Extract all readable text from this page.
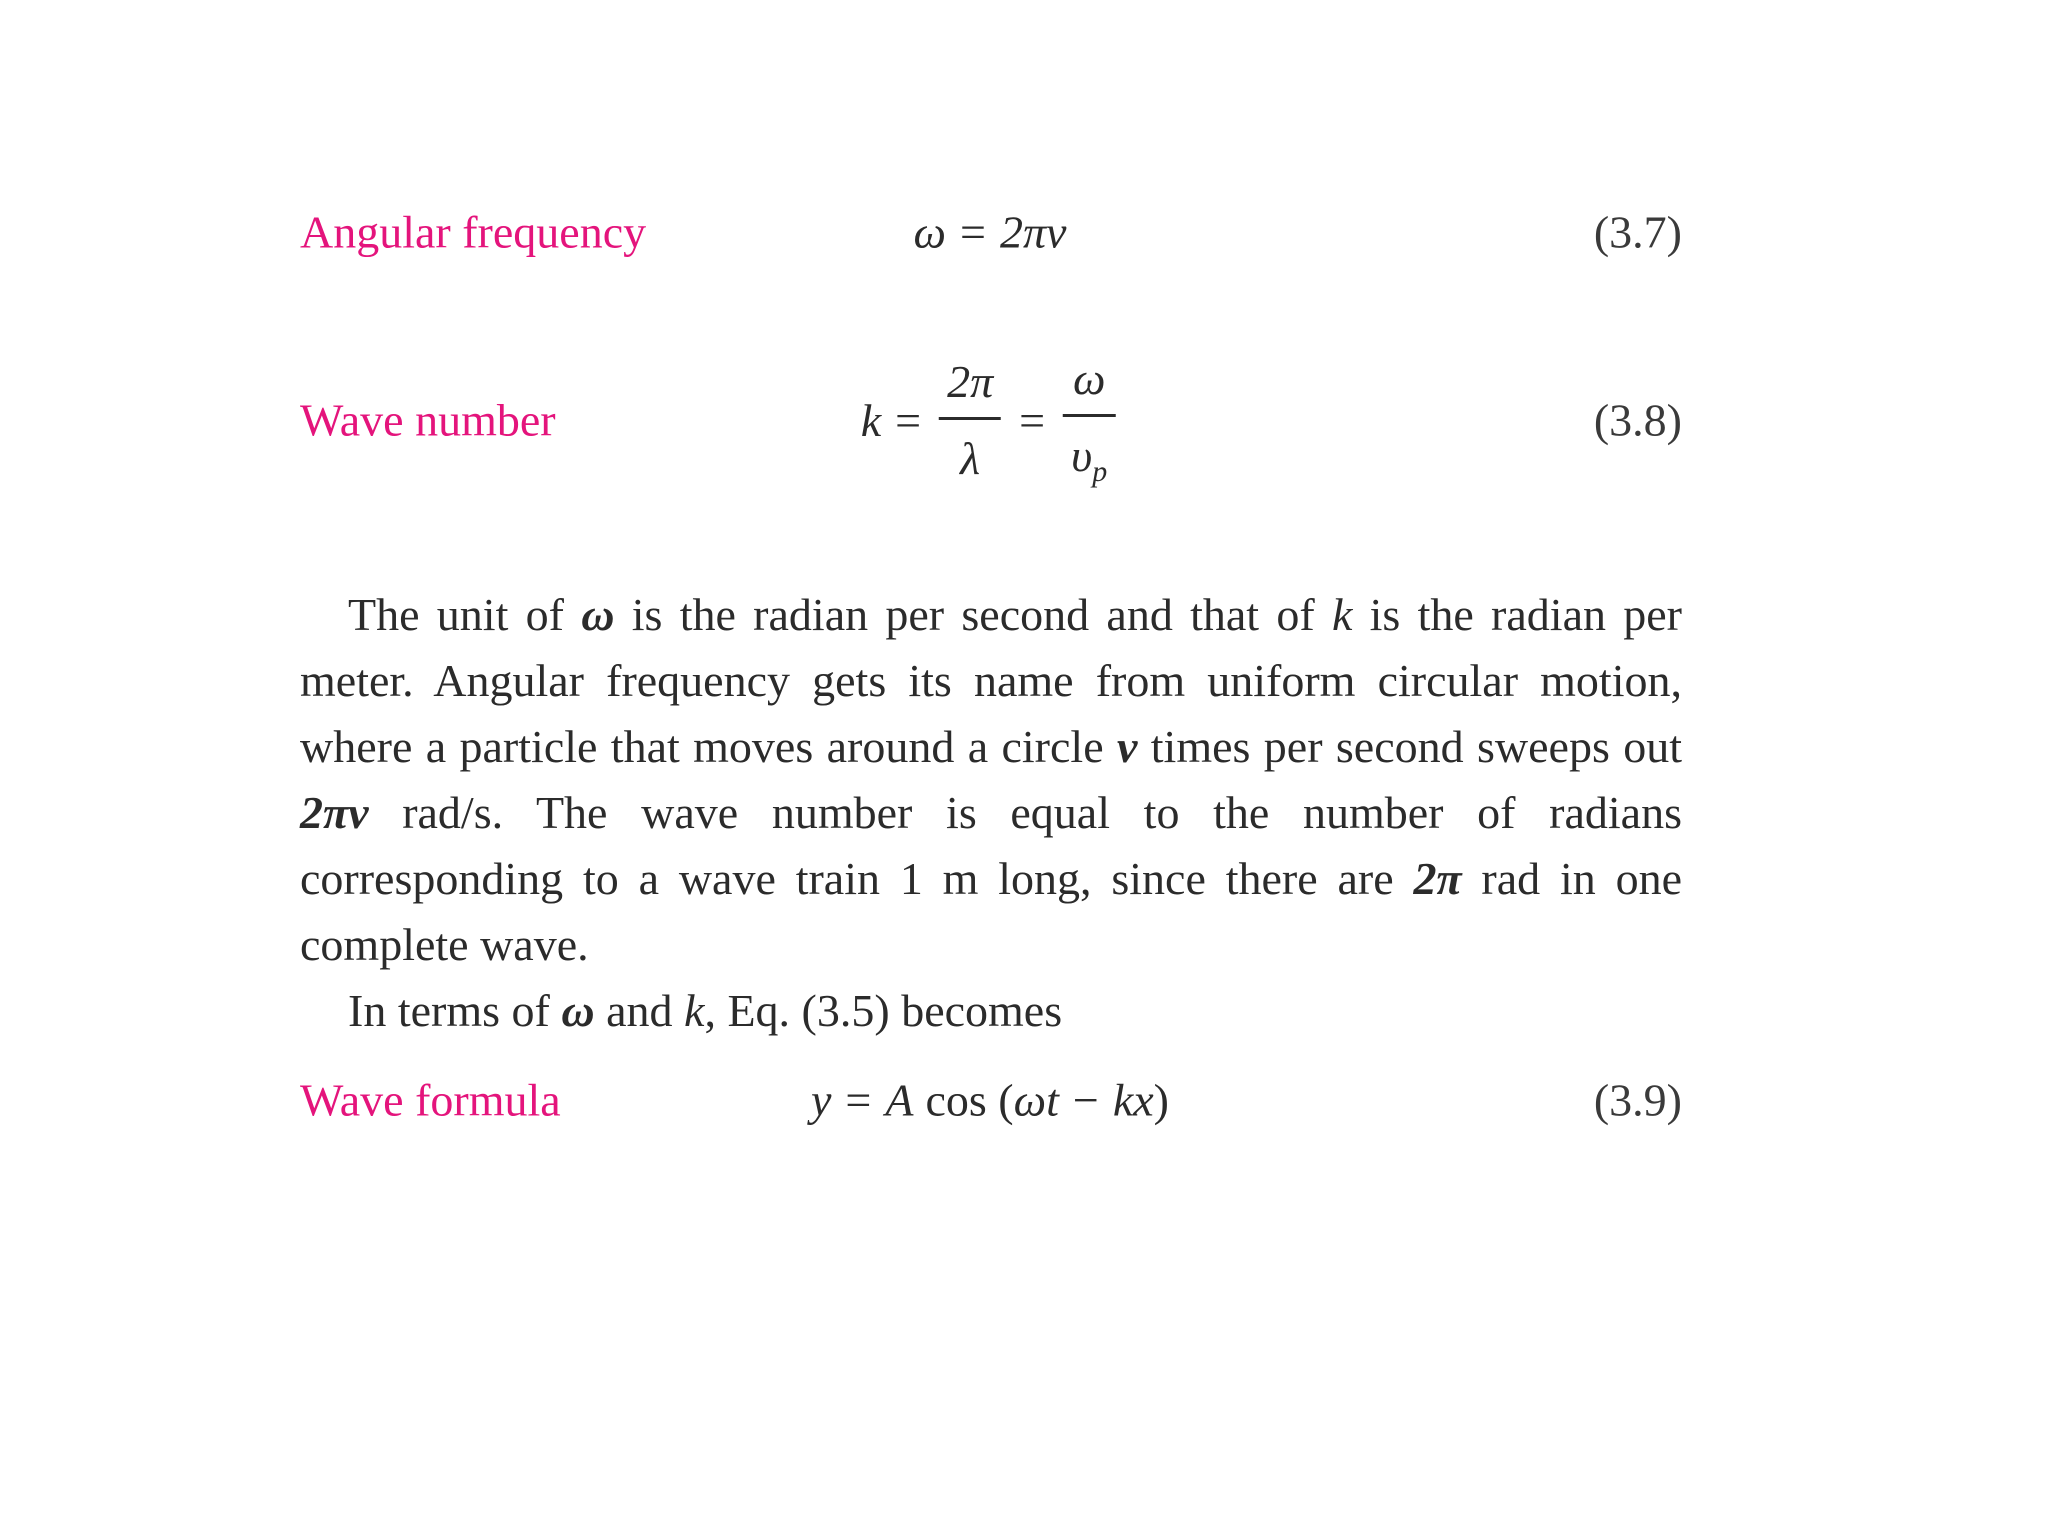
Angular frequency	ω = 2πν	(3.7)
Wave number	$k = \frac{2\pi}{\lambda} = \frac{\omega}{\upsilon_p}$	(3.8)

The unit of ω is the radian per second and that of k is the radian per meter. Angular frequency gets its name from uniform circular motion, where a particle that moves around a circle ν times per second sweeps out 2πν rad/s. The wave number is equal to the number of radians corresponding to a wave train 1 m long, since there are 2π rad in one complete wave.

In terms of ω and k, Eq. (3.5) becomes

Wave formula	y = A cos ( ωt − kx )	(3.9)
